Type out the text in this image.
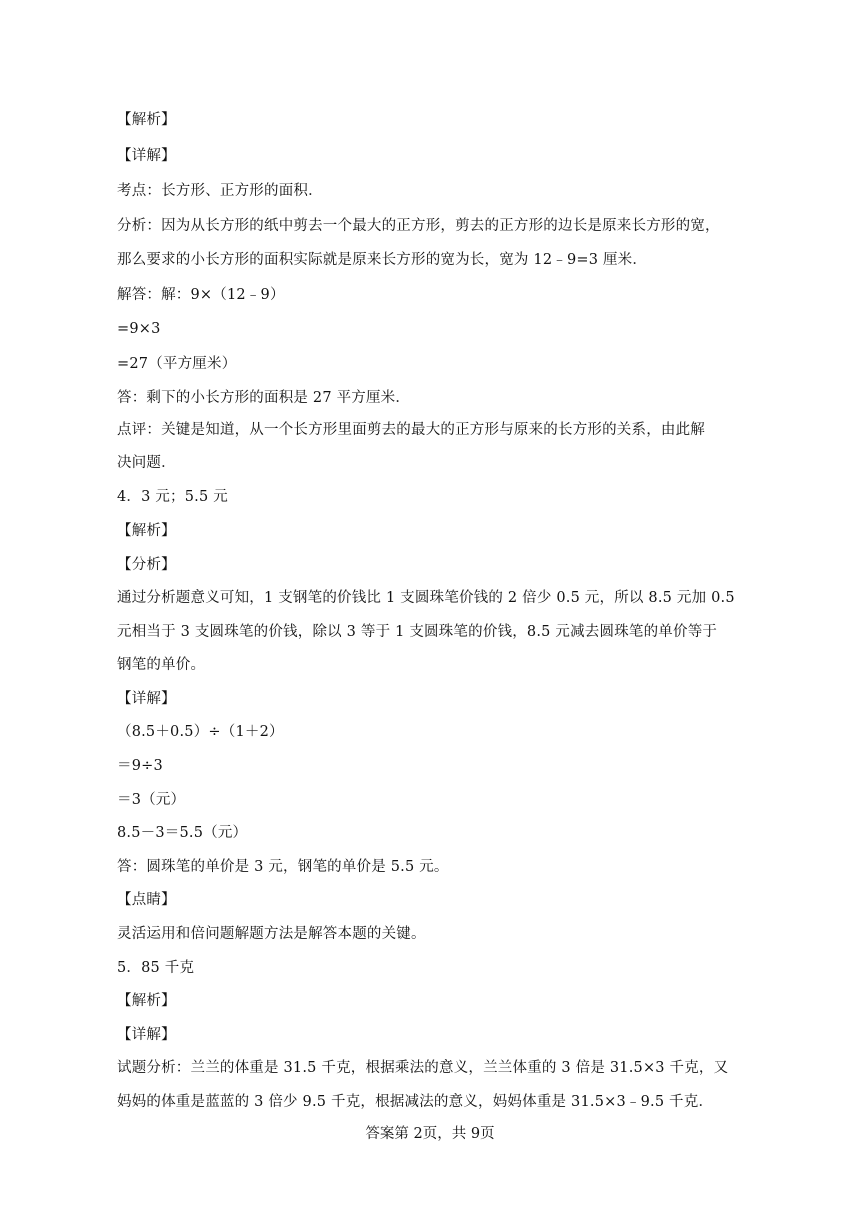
【解析】
【详解】
考点：长方形、正方形的面积．
分析：因为从长方形的纸中剪去一个最大的正方形，剪去的正方形的边长是原来长方形的宽，
那么要求的小长方形的面积实际就是原来长方形的宽为长，宽为 12﹣9=3 厘米．
解答：解：9×（12﹣9）
=9×3
=27（平方厘米）
答：剩下的小长方形的面积是 27 平方厘米．
点评：关键是知道，从一个长方形里面剪去的最大的正方形与原来的长方形的关系，由此解
决问题．
4．3 元；5.5 元
【解析】
【分析】
通过分析题意义可知，1 支钢笔的价钱比 1 支圆珠笔价钱的 2 倍少 0.5 元，所以 8.5 元加 0.5
元相当于 3 支圆珠笔的价钱，除以 3 等于 1 支圆珠笔的价钱，8.5 元减去圆珠笔的单价等于
钢笔的单价。
【详解】
（8.5＋0.5）÷（1＋2）
＝9÷3
＝3（元）
8.5－3＝5.5（元）
答：圆珠笔的单价是 3 元，钢笔的单价是 5.5 元。
【点睛】
灵活运用和倍问题解题方法是解答本题的关键。
5．85 千克
【解析】
【详解】
试题分析：兰兰的体重是 31.5 千克，根据乘法的意义，兰兰体重的 3 倍是 31.5×3 千克，又
妈妈的体重是蓝蓝的 3 倍少 9.5 千克，根据减法的意义，妈妈体重是 31.5×3﹣9.5 千克．
答案第 2页，共 9页
